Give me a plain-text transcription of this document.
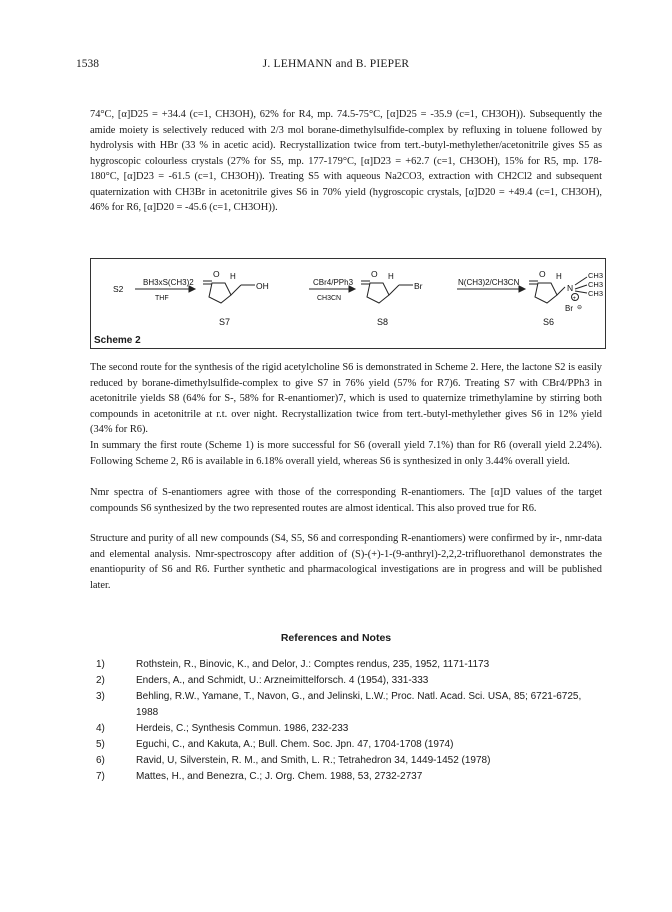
1538	J. LEHMANN and B. PIEPER

74°C, [α]D25 = +34.4 (c=1, CH3OH), 62% for R4, mp. 74.5-75°C, [α]D25 = -35.9 (c=1, CH3OH)). Subsequently the amide moiety is selectively reduced with 2/3 mol borane-dimethylsulfide-complex by refluxing in toluene followed by hydrolysis with HBr (33 % in acetic acid). Recrystallization twice from tert.-butyl-methylether/acetonitrile gives S5 as hygroscopic colourless crystals (27% for S5, mp. 177-179°C, [α]D23 = +62.7 (c=1, CH3OH), 15% for R5, mp. 178-180°C, [α]D23 = -61.5 (c=1, CH3OH)). Treating S5 with aqueous Na2CO3, extraction with CH2Cl2 and subsequent quaternization with CH3Br in acetonitrile gives S6 in 70% yield (hygroscopic crystals, [α]D20 = +49.4 (c=1, CH3OH), 46% for R6, [α]D20 = -45.6 (c=1, CH3OH)).

O H
OH
O H
Br
O H
N
CH3
CH3
CH3
+
Br ⊖
S2
BH3xS(CH3)2
THF
CBr4/PPh3
CH3CN
N(CH3)2/CH3CN
S7	S8	S6
Scheme 2

The second route for the synthesis of the rigid acetylcholine S6 is demonstrated in Scheme 2. Here, the lactone S2 is easily reduced by borane-dimethylsulfide-complex to give S7 in 76% yield (57% for R7)6. Treating S7 with CBr4/PPh3 in acetonitrile yields S8 (64% for S-, 58% for R-enantiomer)7, which is used to quaternize trimethylamine by stirring both compounds in acetonitrile at r.t. over night. Recrystallization twice from tert.-butyl-methylether gives S6 in 12% yield (34% for R6).

In summary the first route (Scheme 1) is more successful for S6 (overall yield 7.1%) than for R6 (overall yield 2.24%). Following Scheme 2, R6 is available in 6.18% overall yield, whereas S6 is synthesized in only 3.44% overall yield.

Nmr spectra of S-enantiomers agree with those of the corresponding R-enantiomers. The [α]D values of the target compounds S6 synthesized by the two represented routes are almost identical. This also proved true for R6.

Structure and purity of all new compounds (S4, S5, S6 and corresponding R-enantiomers) were confirmed by ir-, nmr-data and elemental analysis. Nmr-spectroscopy after addition of (S)-(+)-1-(9-anthryl)-2,2,2-trifluorethanol demonstrates the enantiopurity of S6 and R6. Further synthetic and pharmacological investigations are in progress and will be published later.

References and Notes
1)	Rothstein, R., Binovic, K., and Delor, J.: Comptes rendus, 235, 1952, 1171-1173
2)	Enders, A., and Schmidt, U.: Arzneimittelforsch. 4 (1954), 331-333
3)	Behling, R.W., Yamane, T., Navon, G., and Jelinski, L.W.; Proc. Natl. Acad. Sci. USA, 85; 6721-6725, 1988
4)	Herdeis, C.; Synthesis Commun. 1986, 232-233
5)	Eguchi, C., and Kakuta, A.; Bull. Chem. Soc. Jpn. 47, 1704-1708 (1974)
6)	Ravid, U, Silverstein, R. M., and Smith, L. R.; Tetrahedron 34, 1449-1452 (1978)
7)	Mattes, H., and Benezra, C.; J. Org. Chem. 1988, 53, 2732-2737
